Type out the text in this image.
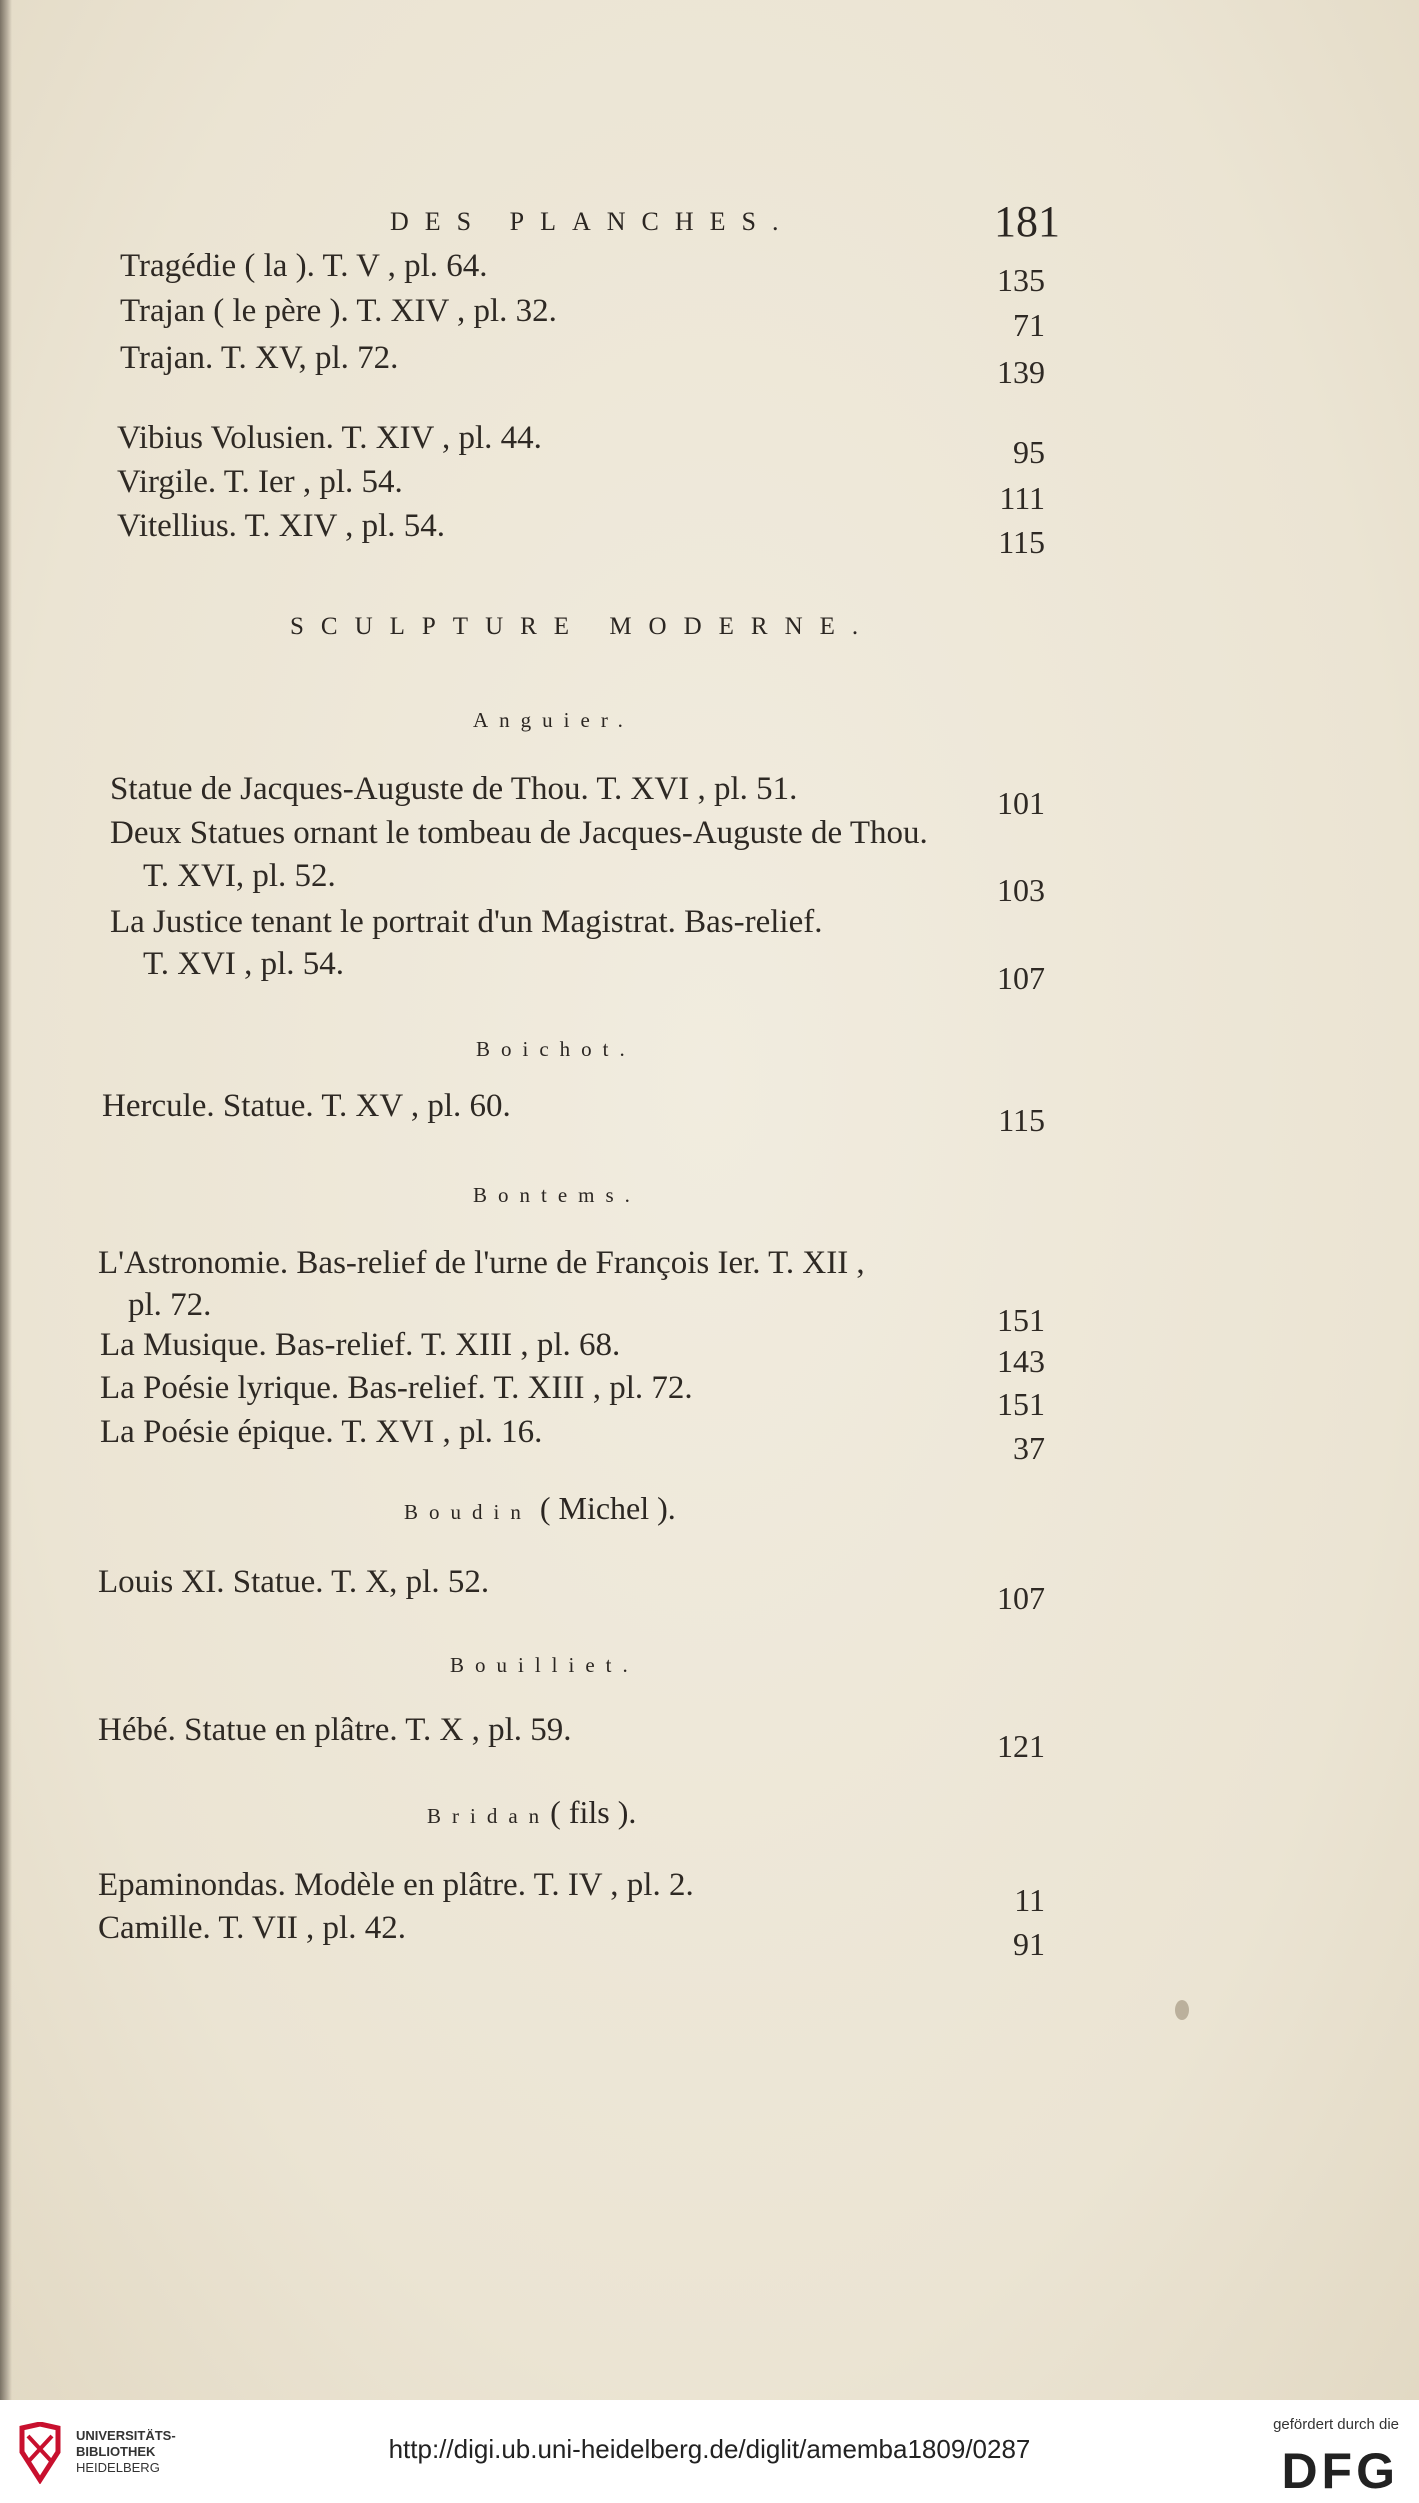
DES PLANCHES.	181
Tragédie ( la ). T. V , pl. 64.	135
Trajan ( le père ). T. XIV , pl. 32.	71
Trajan. T. XV, pl. 72.	139
Vibius Volusien. T. XIV , pl. 44.	95
Virgile. T. Ier , pl. 54.	111
Vitellius. T. XIV , pl. 54.	115
SCULPTURE MODERNE.
Anguier.
Statue de Jacques-Auguste de Thou. T. XVI , pl. 51.	101
Deux Statues ornant le tombeau de Jacques-Auguste de Thou.
T. XVI, pl. 52.	103
La Justice tenant le portrait d'un Magistrat. Bas-relief.
T. XVI , pl. 54.	107
Boichot.
Hercule. Statue. T. XV , pl. 60.	115
Bontems.
L'Astronomie. Bas-relief de l'urne de François Ier. T. XII ,
pl. 72.	151
La Musique. Bas-relief. T. XIII , pl. 68.	143
La Poésie lyrique. Bas-relief. T. XIII , pl. 72.	151
La Poésie épique. T. XVI , pl. 16.	37
Boudin ( Michel ).
Louis XI. Statue. T. X, pl. 52.	107
Bouilliet.
Hébé. Statue en plâtre. T. X , pl. 59.	121
Bridan( fils ).
Epaminondas. Modèle en plâtre. T. IV , pl. 2.	11
Camille. T. VII , pl. 42.	91
UNIVERSITÄTS-
BIBLIOTHEK
HEIDELBERG
http://digi.ub.uni-heidelberg.de/diglit/amemba1809/0287
gefördert durch die
DFG
